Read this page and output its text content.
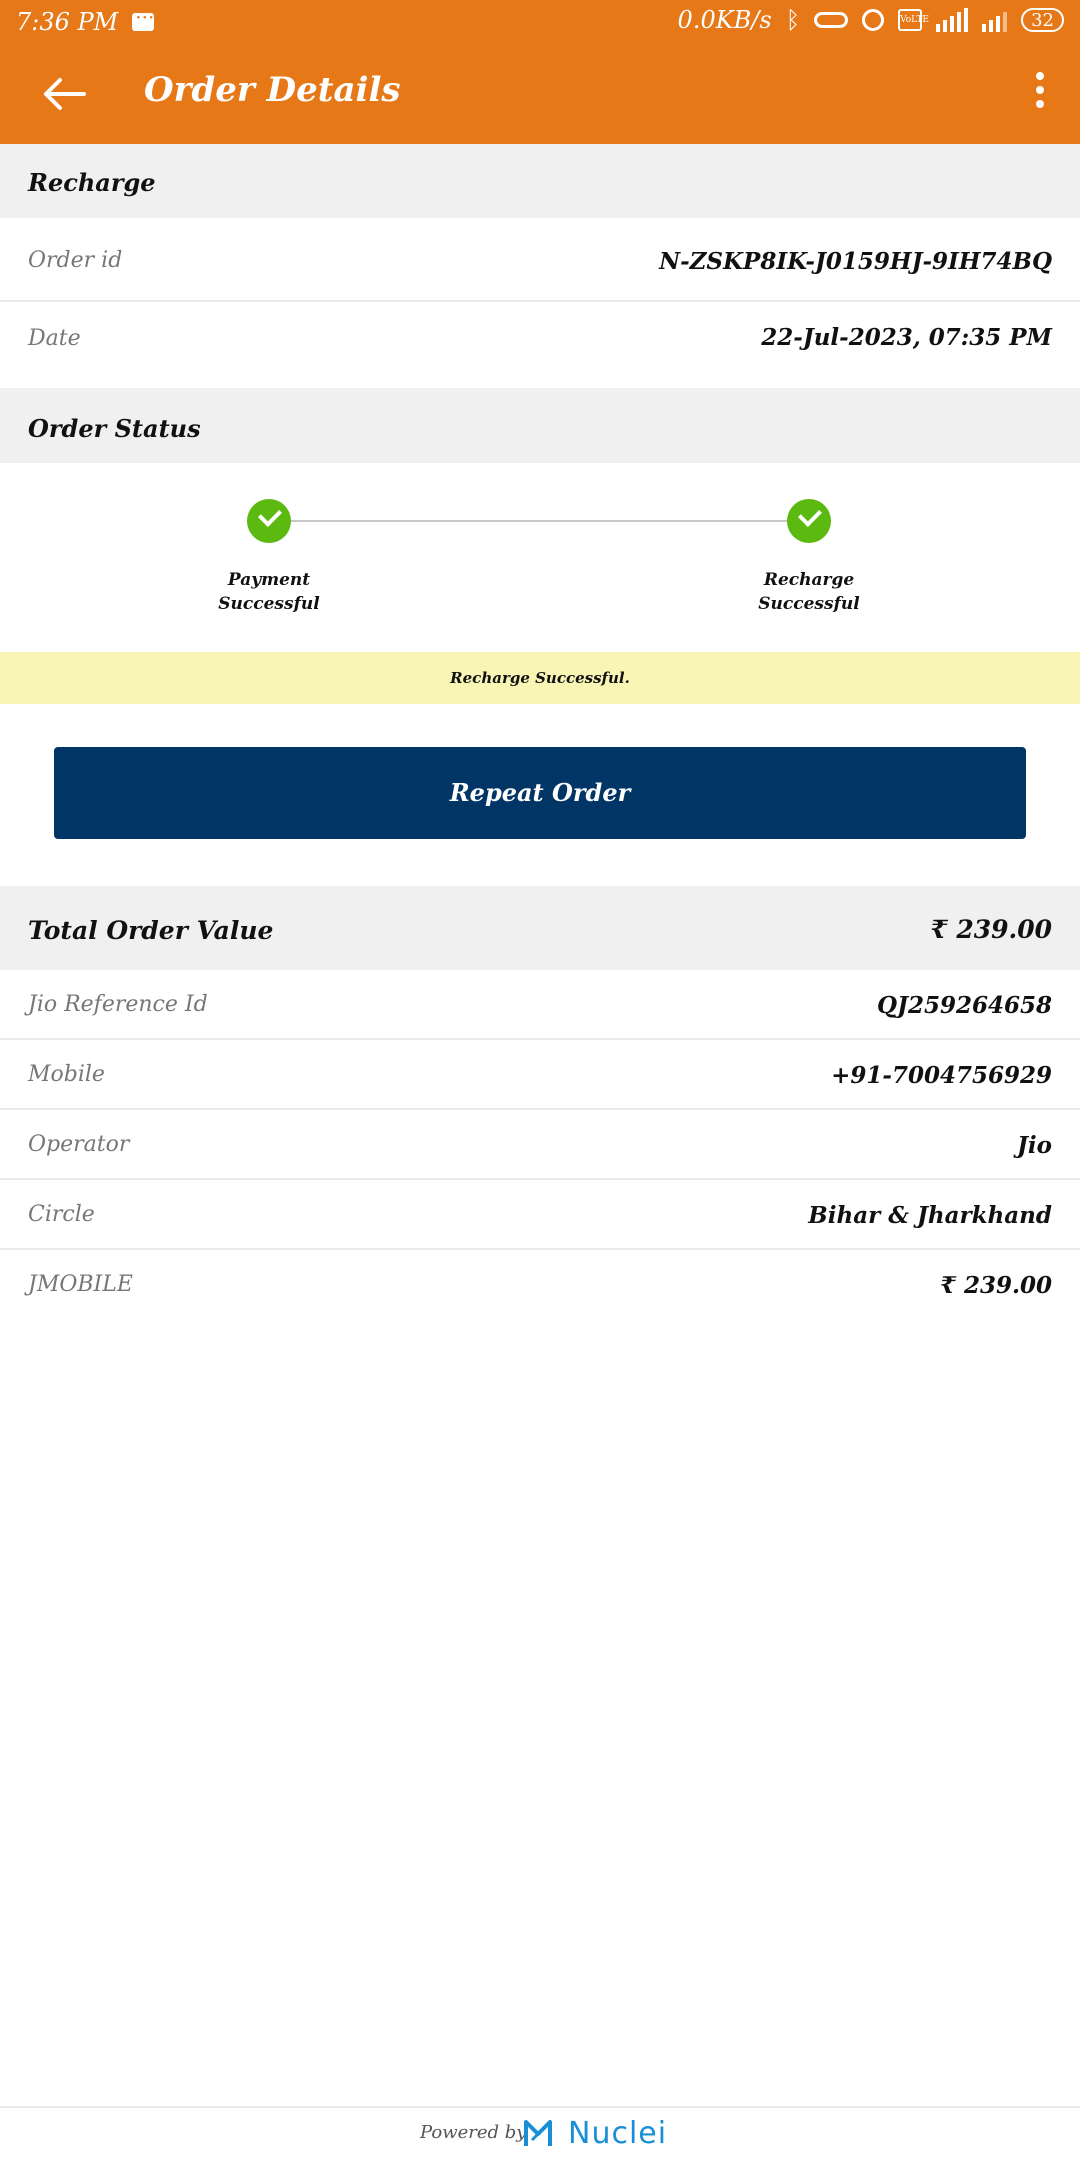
7:36 PM
···	0.0KB/s ᛒ	VoLTE	32
Order Details
Recharge
Order id	N-ZSKP8IK-J0159HJ-9IH74BQ
Date	22-Jul-2023, 07:35 PM
Order Status
Payment
Successful
Recharge
Successful
Recharge Successful.
Repeat Order
Total Order Value	₹ 239.00
Jio Reference Id	QJ259264658
Mobile	+91-7004756929
Operator	Jio
Circle	Bihar & Jharkhand
JMOBILE	₹ 239.00
Powered by Nuclei
